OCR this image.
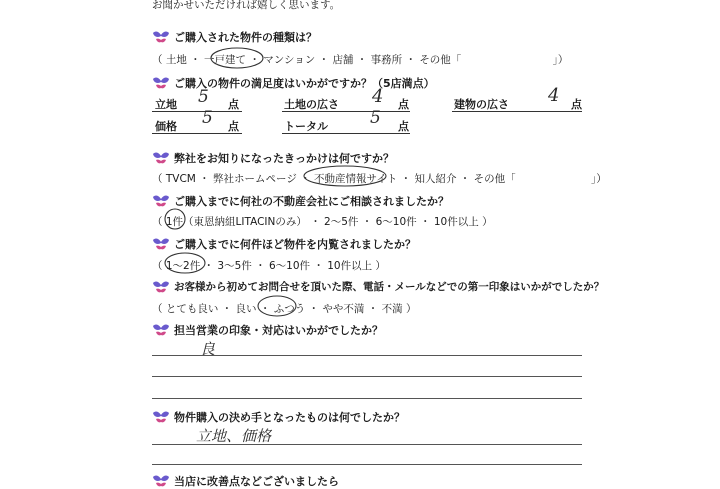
お聞かせいただければ嬉しく思います。
ご購入された物件の種類は？
（ 土地 ・ 一戸建て ・ マンション ・ 店舗 ・ 事務所 ・ その他「	」）
ご購入の物件の満足度はいかがですか？（5店満点）
立地 5 点	土地の広さ 4 点	建物の広さ 4 点
価格 5 点	トータル 5 点
弊社をお知りになったきっかけは何ですか？
（ TVCM ・ 弊社ホームページ ・ 不動産情報サイト ・ 知人紹介 ・ その他「	」）
ご購入までに何社の不動産会社にご相談されましたか？
（ 1件（東恩納組LITACINのみ） ・ 2～5件 ・ 6～10件 ・ 10件以上 ）
ご購入までに何件ほど物件を内覧されましたか？
（ 1～2件 ・ 3～5件 ・ 6～10件 ・ 10件以上 ）
お客様から初めてお問合せを頂いた際、電話・メールなどでの第一印象はいかがでしたか？
（ とても良い ・ 良い ・ ふつう ・ やや不満 ・ 不満 ）
担当営業の印象・対応はいかがでしたか？
良
物件購入の決め手となったものは何でしたか？
立地、価格
当店に改善点などございましたら
